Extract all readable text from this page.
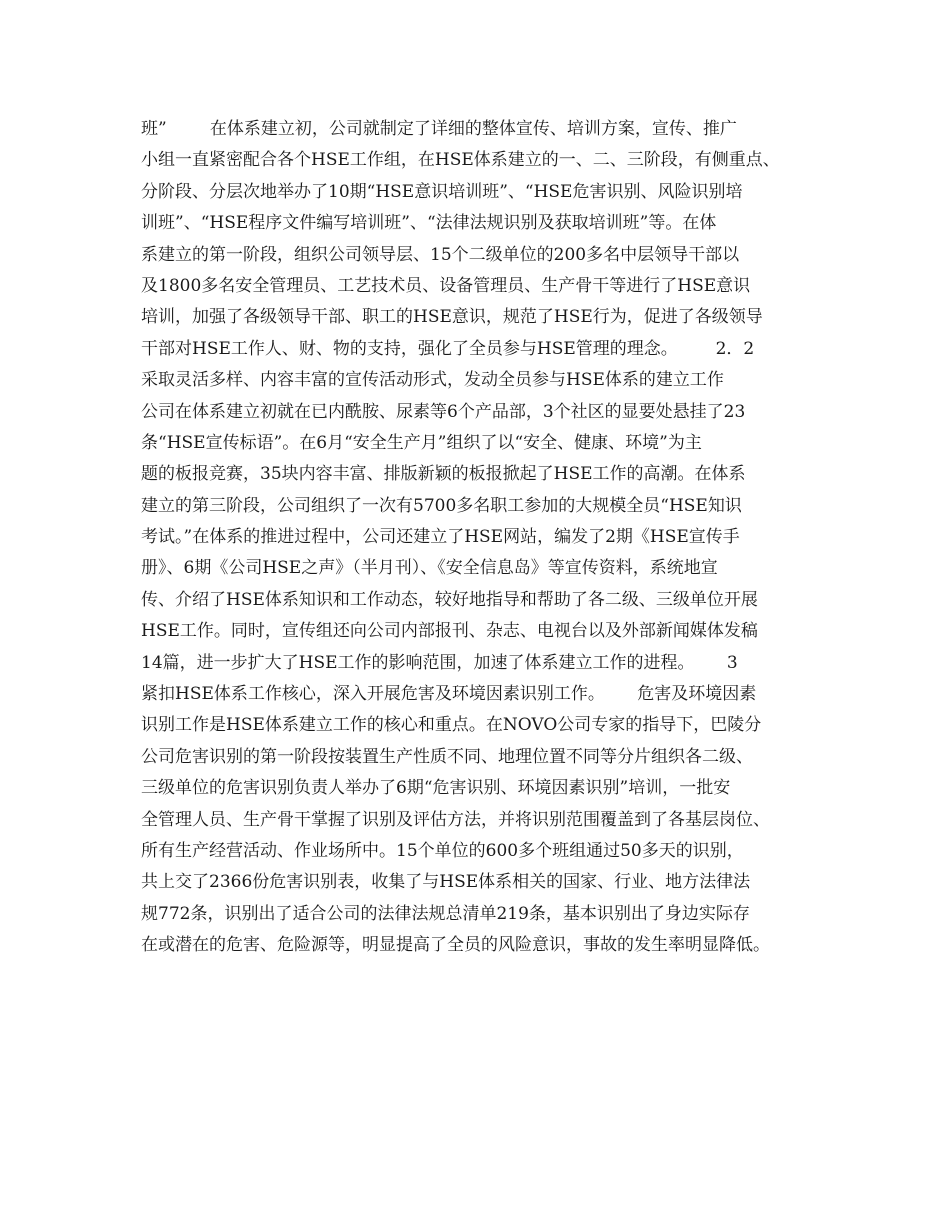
班”        在体系建立初，公司就制定了详细的整体宣传、培训方案，宣传、推广
小组一直紧密配合各个HSE工作组，在HSE体系建立的一、二、三阶段，有侧重点、
分阶段、分层次地举办了10期“HSE意识培训班”、“HSE危害识别、风险识别培
训班”、“HSE程序文件编写培训班”、“法律法规识别及获取培训班”等。在体
系建立的第一阶段，组织公司领导层、15个二级单位的200多名中层领导干部以
及1800多名安全管理员、工艺技术员、设备管理员、生产骨干等进行了HSE意识
培训，加强了各级领导干部、职工的HSE意识，规范了HSE行为，促进了各级领导
干部对HSE工作人、财、物的支持，强化了全员参与HSE管理的理念。       2．2
采取灵活多样、内容丰富的宣传活动形式，发动全员参与HSE体系的建立工作
公司在体系建立初就在已内酰胺、尿素等6个产品部，3个社区的显要处悬挂了23
条“HSE宣传标语”。在6月“安全生产月”组织了以“安全、健康、环境”为主
题的板报竞赛，35块内容丰富、排版新颖的板报掀起了HSE工作的高潮。在体系
建立的第三阶段，公司组织了一次有5700多名职工参加的大规模全员“HSE知识
考试。”在体系的推进过程中，公司还建立了HSE网站，编发了2期《HSE宣传手
册》、6期《公司HSE之声》（半月刊）、《安全信息岛》等宣传资料，系统地宣
传、介绍了HSE体系知识和工作动态，较好地指导和帮助了各二级、三级单位开展
HSE工作。同时，宣传组还向公司内部报刊、杂志、电视台以及外部新闻媒体发稿
14篇，进一步扩大了HSE工作的影响范围，加速了体系建立工作的进程。      3
紧扣HSE体系工作核心，深入开展危害及环境因素识别工作。      危害及环境因素
识别工作是HSE体系建立工作的核心和重点。在NOVO公司专家的指导下，巴陵分
公司危害识别的第一阶段按装置生产性质不同、地理位置不同等分片组织各二级、
三级单位的危害识别负责人举办了6期“危害识别、环境因素识别”培训，一批安
全管理人员、生产骨干掌握了识别及评估方法，并将识别范围覆盖到了各基层岗位、
所有生产经营活动、作业场所中。15个单位的600多个班组通过50多天的识别，
共上交了2366份危害识别表，收集了与HSE体系相关的国家、行业、地方法律法
规772条，识别出了适合公司的法律法规总清单219条，基本识别出了身边实际存
在或潜在的危害、危险源等，明显提高了全员的风险意识，事故的发生率明显降低。
